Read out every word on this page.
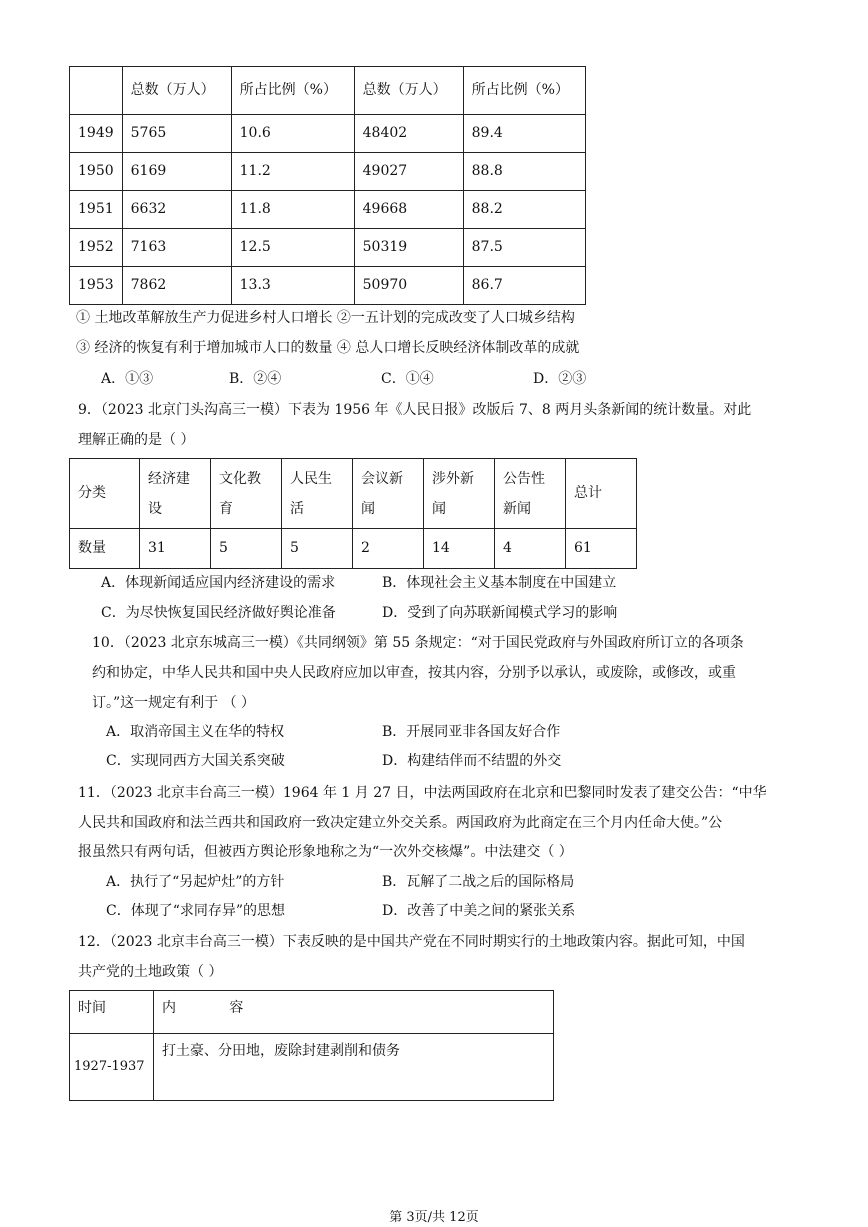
	总数（万人）	所占比例（%）	总数（万人）	所占比例（%）
1949	5765	10.6	48402	89.4
1950	6169	11.2	49027	88.8
1951	6632	11.8	49668	88.2
1952	7163	12.5	50319	87.5
1953	7862	13.3	50970	86.7
① 土地改革解放生产力促进乡村人口增长 ②一五计划的完成改变了人口城乡结构
③ 经济的恢复有利于增加城市人口的数量 ④ 总人口增长反映经济体制改革的成就
A．①③	B．②④	C．①④	D．②③
9．（2023 北京门头沟高三一模）下表为 1956 年《人民日报》改版后 7、8 两月头条新闻的统计数量。对此
理解正确的是（ ）
分类	经济建设	文化教育	人民生活	会议新闻	涉外新闻	公告性新闻	总计
数量	31	5	5	2	14	4	61
A．体现新闻适应国内经济建设的需求	B．体现社会主义基本制度在中国建立
C．为尽快恢复国民经济做好舆论准备	D．受到了向苏联新闻模式学习的影响
10．（2023 北京东城高三一模）《共同纲领》第 55 条规定：“对于国民党政府与外国政府所订立的各项条
约和协定，中华人民共和国中央人民政府应加以审查，按其内容，分别予以承认，或废除，或修改，或重
订。”这一规定有利于 （ ）
A．取消帝国主义在华的特权	B．开展同亚非各国友好合作
C．实现同西方大国关系突破	D．构建结伴而不结盟的外交
11．（2023 北京丰台高三一模）1964 年 1 月 27 日，中法两国政府在北京和巴黎同时发表了建交公告：“中华
人民共和国政府和法兰西共和国政府一致决定建立外交关系。两国政府为此商定在三个月内任命大使。”公
报虽然只有两句话，但被西方舆论形象地称之为“一次外交核爆”。中法建交（ ）
A．执行了“另起炉灶”的方针	B．瓦解了二战之后的国际格局
C．体现了“求同存异”的思想	D．改善了中美之间的紧张关系
12．（2023 北京丰台高三一模）下表反映的是中国共产党在不同时期实行的土地政策内容。据此可知，中国
共产党的土地政策（ ）
时间	内            容
1927-1937	打土豪、分田地，废除封建剥削和债务
第 3页/共 12页
